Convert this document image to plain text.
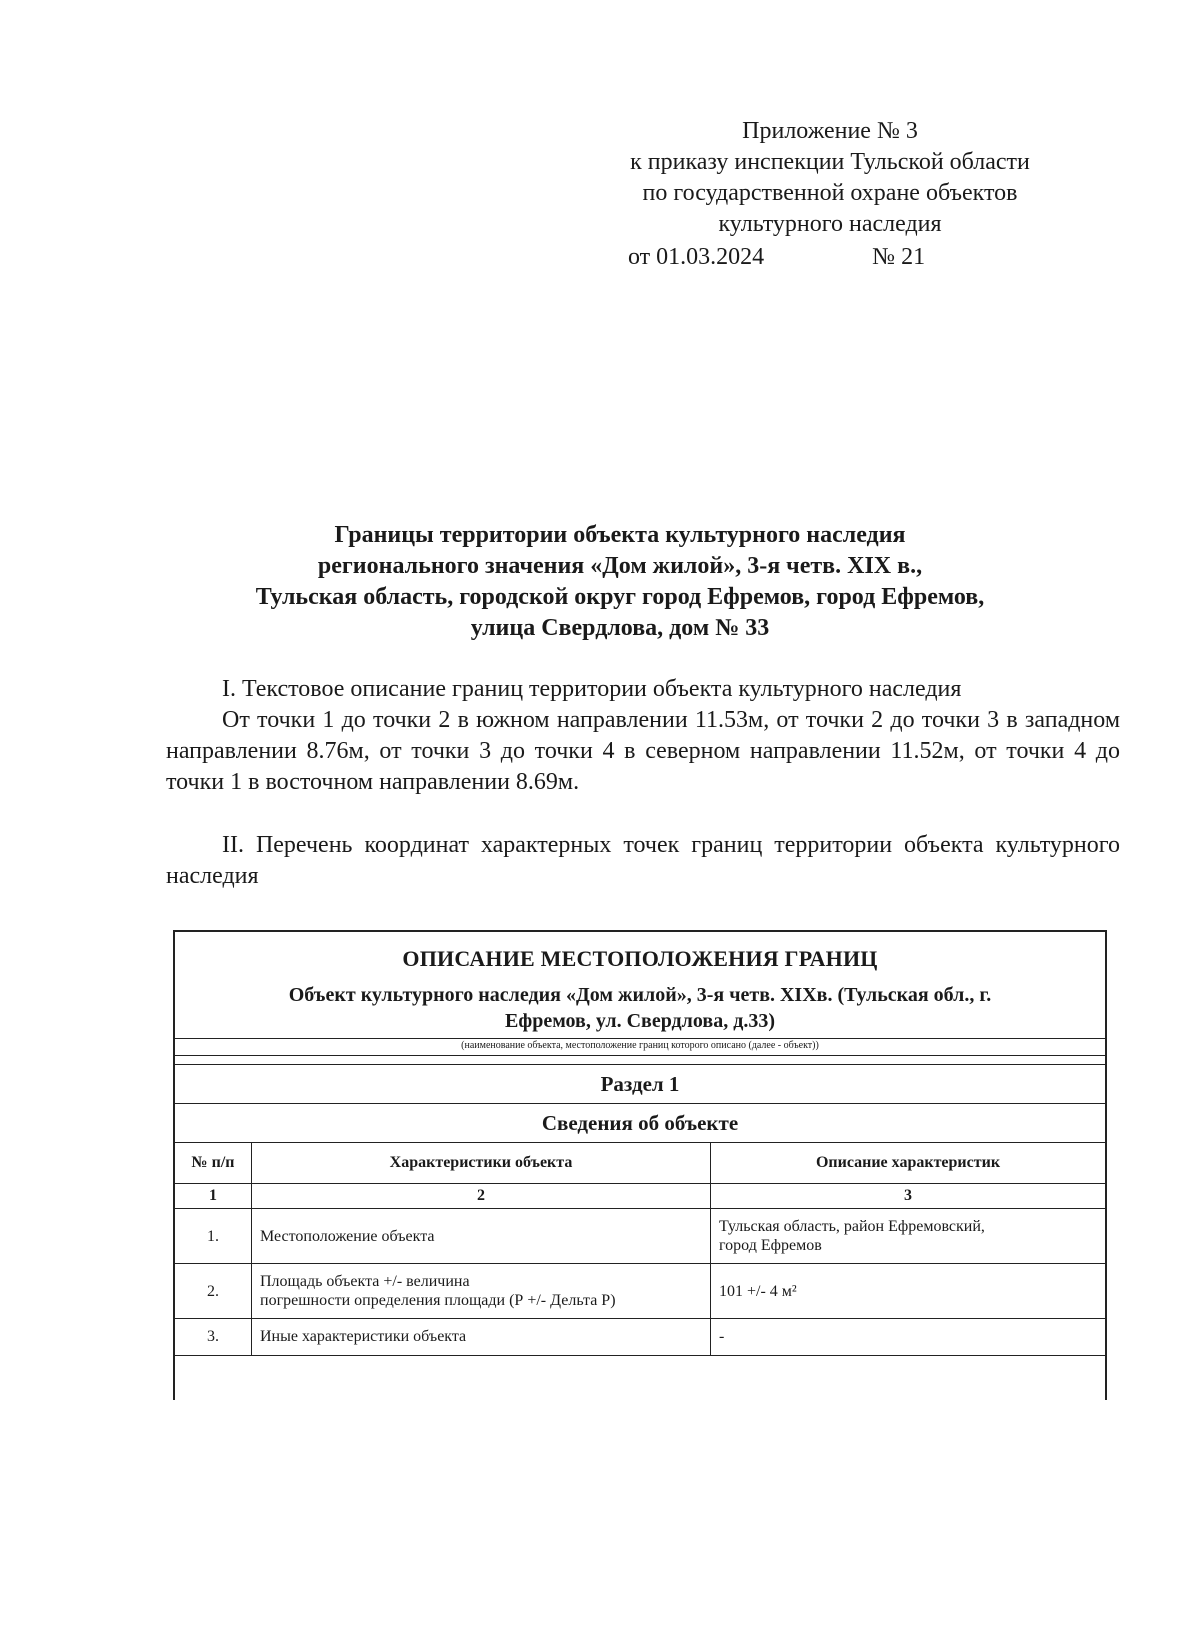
Приложение № 3
к приказу инспекции Тульской области
по государственной охране объектов
культурного наследия
от 01.03.2024	№ 21
Границы территории объекта культурного наследия
регионального значения «Дом жилой», 3-я четв. XIX в.,
Тульская область, городской округ город Ефремов, город Ефремов,
улица Свердлова, дом № 33
I. Текстовое описание границ территории объекта культурного наследия
От точки 1 до точки 2 в южном направлении 11.53м, от точки 2 до точки 3 в западном направлении 8.76м, от точки 3 до точки 4 в северном направлении 11.52м, от точки 4 до точки 1 в восточном направлении 8.69м.
II. Перечень координат характерных точек границ территории объекта культурного наследия
ОПИСАНИЕ МЕСТОПОЛОЖЕНИЯ ГРАНИЦ
Объект культурного наследия «Дом жилой», 3-я четв. XIXв. (Тульская обл., г.
Ефремов, ул. Свердлова, д.33)
(наименование объекта, местоположение границ которого описано (далее - объект))
Раздел 1
Сведения об объекте
№ п/п	Характеристики объекта	Описание характеристик
1	2	3
1.	Местоположение объекта	Тульская область, район Ефремовский,
город Ефремов

2.	Площадь объекта +/- величина
погрешности определения площади (Р +/- Дельта Р)	101 +/- 4 м²
3.	Иные характеристики объекта	-
